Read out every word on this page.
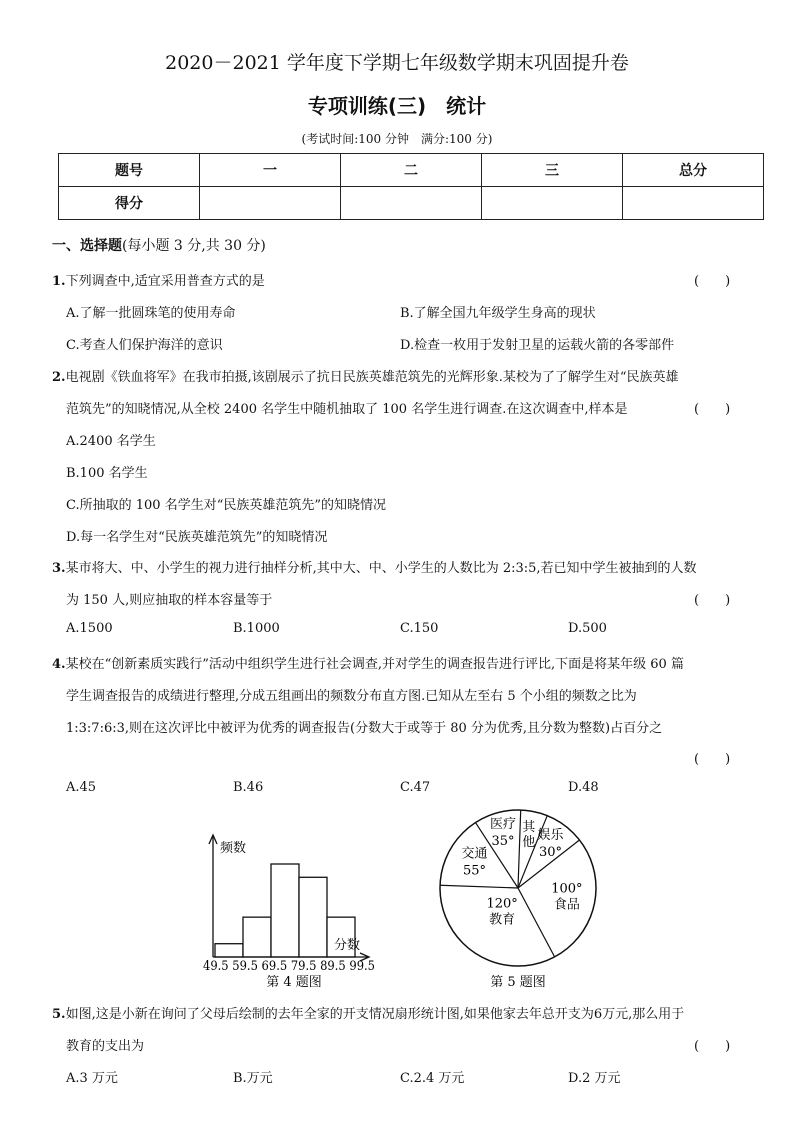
2020－2021 学年度下学期七年级数学期末巩固提升卷
专项训练(三)　统计
(考试时间:100 分钟　满分:100 分)
题号	一	二	三	总分
得分				
一、选择题(每小题 3 分,共 30 分)
1.下列调查中,适宜采用普查方式的是	(　　)
A.了解一批圆珠笔的使用寿命	B.了解全国九年级学生身高的现状
C.考查人们保护海洋的意识	D.检查一枚用于发射卫星的运载火箭的各零部件
2.电视剧《铁血将军》在我市拍摄,该剧展示了抗日民族英雄范筑先的光辉形象.某校为了了解学生对“民族英雄
范筑先”的知晓情况,从全校 2400 名学生中随机抽取了 100 名学生进行调查.在这次调查中,样本是	(　　)
A.2400 名学生
B.100 名学生
C.所抽取的 100 名学生对“民族英雄范筑先”的知晓情况
D.每一名学生对“民族英雄范筑先”的知晓情况
3.某市将大、中、小学生的视力进行抽样分析,其中大、中、小学生的人数比为 2:3:5,若已知中学生被抽到的人数
为 150 人,则应抽取的样本容量等于	(　　)
A.1500	B.1000	C.150	D.500
4.某校在“创新素质实践行”活动中组织学生进行社会调查,并对学生的调查报告进行评比,下面是将某年级 60 篇
学生调查报告的成绩进行整理,分成五组画出的频数分布直方图.已知从左至右 5 个小组的频数之比为
1:3:7:6:3,则在这次评比中被评为优秀的调查报告(分数大于或等于 80 分为优秀,且分数为整数)占百分之
(　　)
A.45	B.46	C.47	D.48
频数
分数
49.5 59.5 69.5 79.5 89.5 99.5
第 4 题图
教育
120°
交通
55°
医疗
35°
其
他 娱乐
30°
食品
100°
第 5 题图
5.如图,这是小新在询问了父母后绘制的去年全家的开支情况扇形统计图,如果他家去年总开支为6万元,那么用于
教育的支出为	(　　)
A.3 万元	B.万元	C.2.4 万元	D.2 万元
